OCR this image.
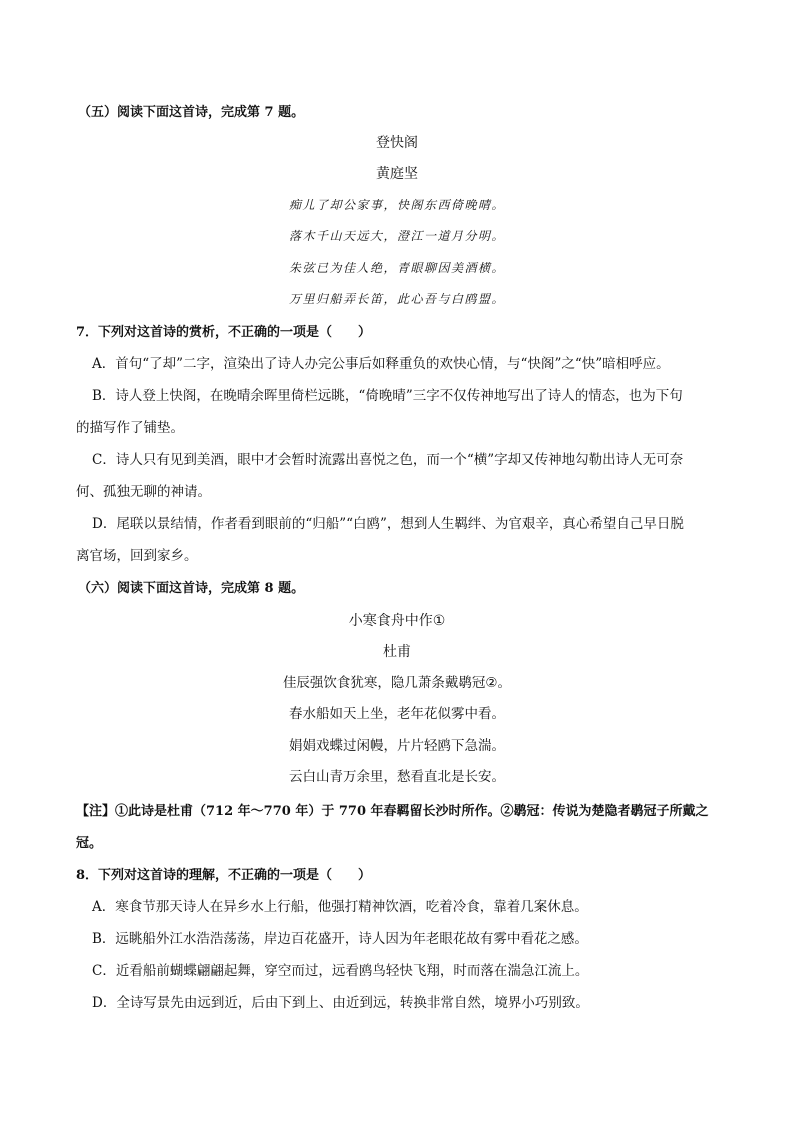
（五）阅读下面这首诗，完成第 7 题。
登快阁
黄庭坚
痴儿了却公家事，快阁东西倚晚晴。
落木千山天远大，澄江一道月分明。
朱弦已为佳人绝，青眼聊因美酒横。
万里归船弄长笛，此心吾与白鸥盟。
7．下列对这首诗的赏析，不正确的一项是（　　）
A．首句“了却”二字，渲染出了诗人办完公事后如释重负的欢快心情，与“快阁”之“快”暗相呼应。
B．诗人登上快阁，在晚晴余晖里倚栏远眺，“倚晚晴”三字不仅传神地写出了诗人的情态，也为下句
的描写作了铺垫。
C．诗人只有见到美酒，眼中才会暂时流露出喜悦之色，而一个“横”字却又传神地勾勒出诗人无可奈
何、孤独无聊的神请。
D．尾联以景结情，作者看到眼前的“归船”“白鸥”，想到人生羁绊、为官艰辛，真心希望自己早日脱
离官场，回到家乡。
（六）阅读下面这首诗，完成第 8 题。
小寒食舟中作①
杜甫
佳辰强饮食犹寒，隐几萧条戴鹖冠②。
春水船如天上坐，老年花似雾中看。
娟娟戏蝶过闲幔，片片轻鸥下急湍。
云白山青万余里，愁看直北是长安。
【注】①此诗是杜甫（712 年～770 年）于 770 年春羁留长沙时所作。②鹖冠：传说为楚隐者鹖冠子所戴之
冠。
8．下列对这首诗的理解，不正确的一项是（　　）
A．寒食节那天诗人在异乡水上行船，他强打精神饮酒，吃着冷食，靠着几案休息。
B．远眺船外江水浩浩荡荡，岸边百花盛开，诗人因为年老眼花故有雾中看花之感。
C．近看船前蝴蝶翩翩起舞，穿空而过，远看鸥鸟轻快飞翔，时而落在湍急江流上。
D．全诗写景先由远到近，后由下到上、由近到远，转换非常自然，境界小巧别致。
